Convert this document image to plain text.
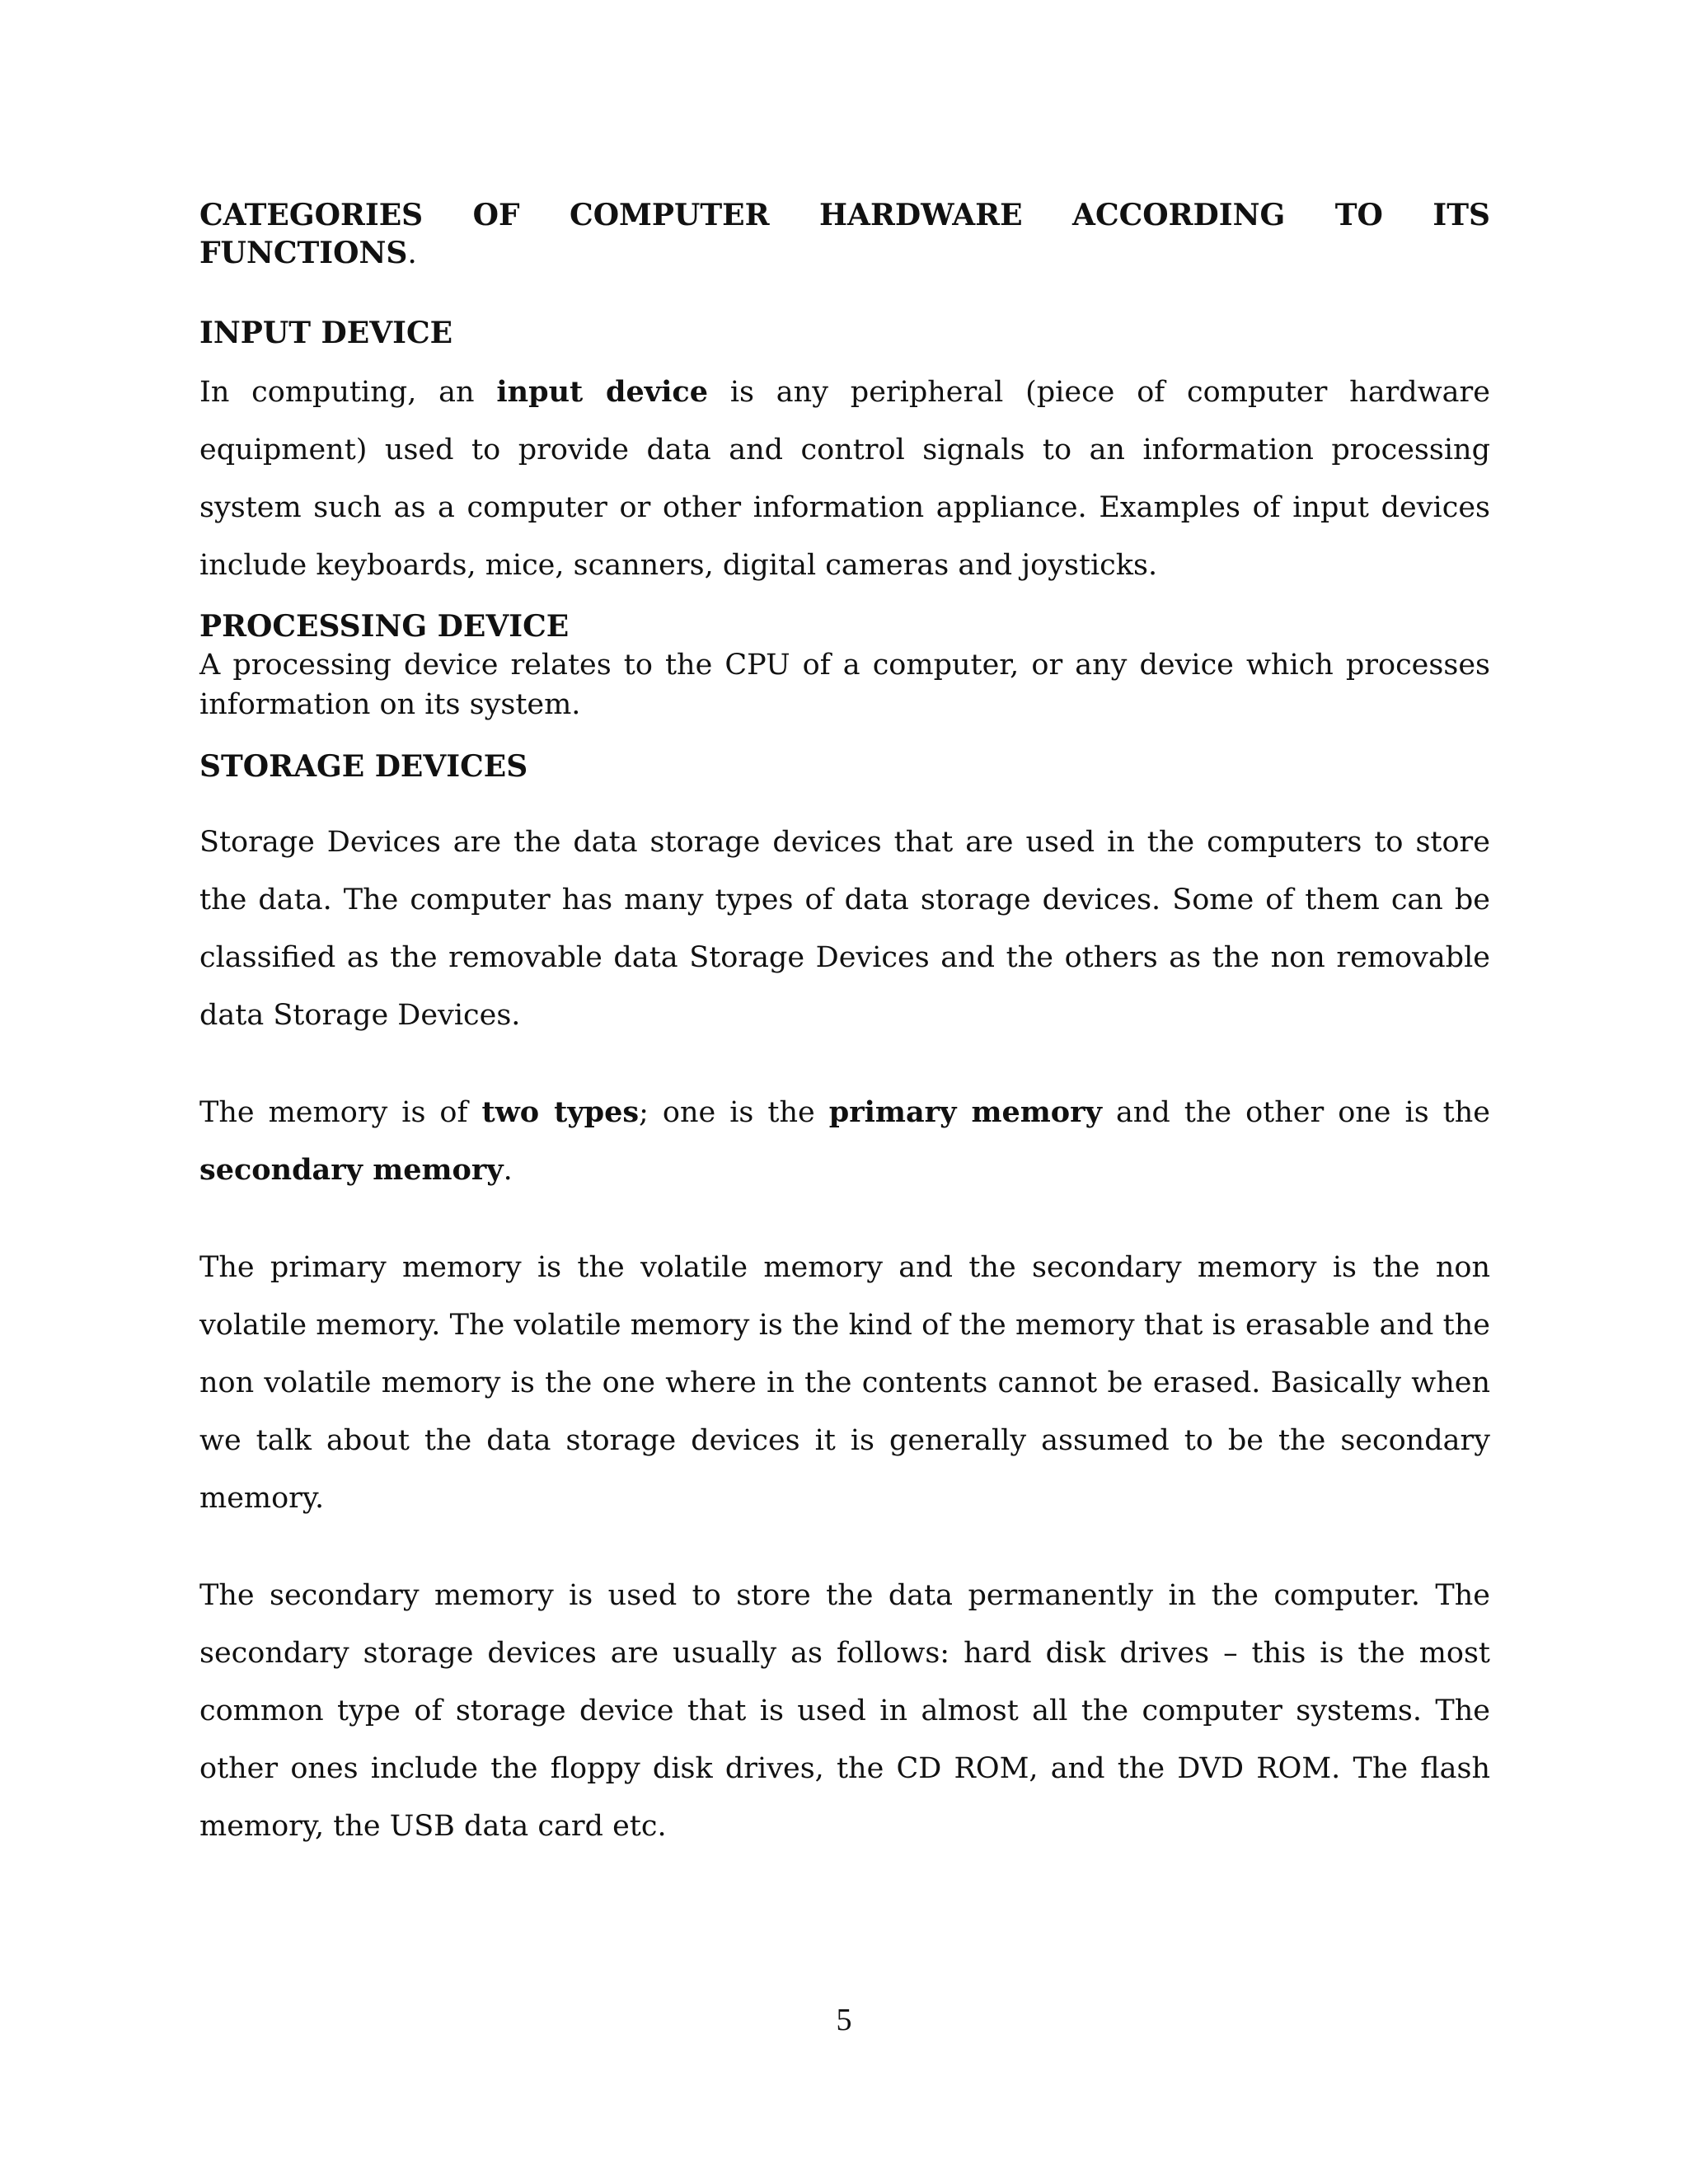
CATEGORIES OF COMPUTER HARDWARE ACCORDING TO ITS
FUNCTIONS.
INPUT DEVICE

In computing, an input device is any peripheral (piece of computer hardware equipment) used to provide data and control signals to an information processing system such as a computer or other information appliance. Examples of input devices include keyboards, mice, scanners, digital cameras and joysticks.

PROCESSING DEVICE

A processing device relates to the CPU of a computer, or any device which processes information on its system.

STORAGE DEVICES

Storage Devices are the data storage devices that are used in the computers to store the data. The computer has many types of data storage devices. Some of them can be classified as the removable data Storage Devices and the others as the non removable data Storage Devices.

The memory is of two types; one is the primary memory and the other one is the secondary memory.

The primary memory is the volatile memory and the secondary memory is the non volatile memory. The volatile memory is the kind of the memory that is erasable and the non volatile memory is the one where in the contents cannot be erased. Basically when we talk about the data storage devices it is generally assumed to be the secondary memory.

The secondary memory is used to store the data permanently in the computer. The secondary storage devices are usually as follows: hard disk drives – this is the most common type of storage device that is used in almost all the computer systems. The other ones include the floppy disk drives, the CD ROM, and the DVD ROM. The flash memory, the USB data card etc.

5
